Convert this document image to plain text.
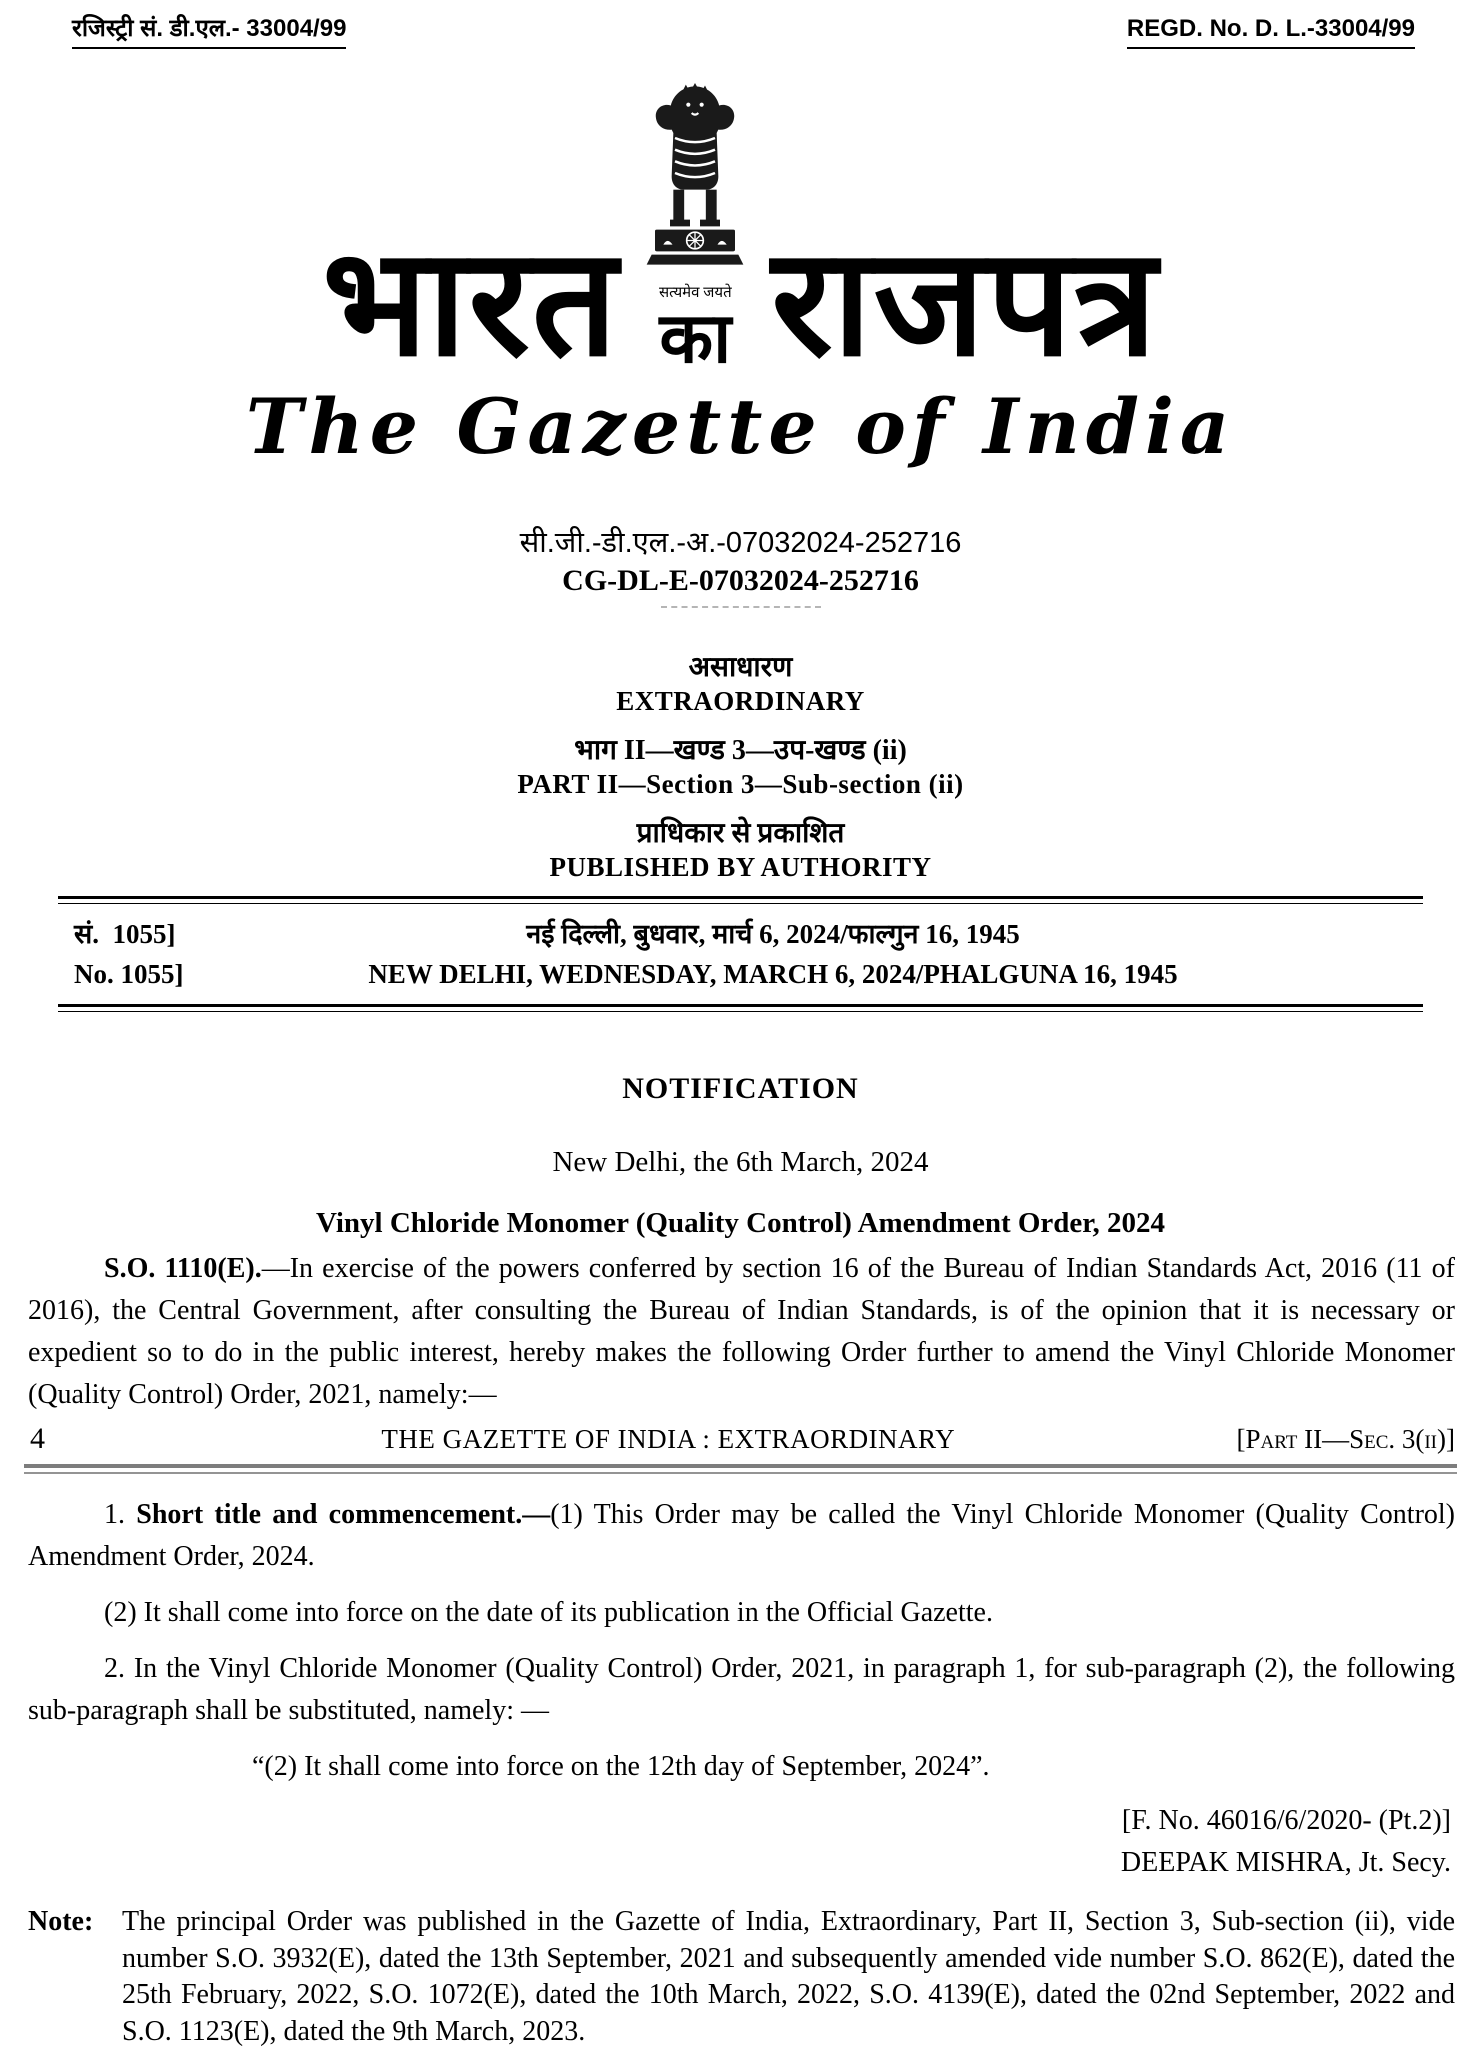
रजिस्ट्री सं. डी.एल.- 33004/99	REGD. No. D. L.-33004/99
भारत	सत्यमेव जयते
का राजपत्र
The Gazette of India
सी.जी.-डी.एल.-अ.-07032024-252716
CG-DL-E-07032024-252716
असाधारण
EXTRAORDINARY
भाग II—खण्ड 3—उप-खण्ड (ii)
PART II—Section 3—Sub-section (ii)
प्राधिकार से प्रकाशित
PUBLISHED BY AUTHORITY
सं.  1055]	नई दिल्ली, बुधवार, मार्च 6, 2024/फाल्गुन 16, 1945
No. 1055]	NEW DELHI, WEDNESDAY, MARCH 6, 2024/PHALGUNA 16, 1945
NOTIFICATION
New Delhi, the 6th March, 2024
Vinyl Chloride Monomer (Quality Control) Amendment Order, 2024

S.O. 1110(E).—In exercise of the powers conferred by section 16 of the Bureau of Indian Standards Act, 2016 (11 of 2016), the Central Government, after consulting the Bureau of Indian Standards, is of the opinion that it is necessary or expedient so to do in the public interest, hereby makes the following Order further to amend the Vinyl Chloride Monomer (Quality Control) Order, 2021, namely:—

4	THE GAZETTE OF INDIA : EXTRAORDINARY	[Part II—Sec. 3(ii)]

1. Short title and commencement.—(1) This Order may be called the Vinyl Chloride Monomer (Quality Control) Amendment Order, 2024.

(2) It shall come into force on the date of its publication in the Official Gazette.

2. In the Vinyl Chloride Monomer (Quality Control) Order, 2021, in paragraph 1, for sub-paragraph (2), the following sub-paragraph shall be substituted, namely: —

“(2) It shall come into force on the 12th day of September, 2024”.

[F. No. 46016/6/2020- (Pt.2)]

DEEPAK MISHRA, Jt. Secy.

Note:	The principal Order was published in the Gazette of India, Extraordinary, Part II, Section 3, Sub-section (ii), vide number S.O. 3932(E), dated the 13th September, 2021 and subsequently amended vide number S.O. 862(E), dated the 25th February, 2022, S.O. 1072(E), dated the 10th March, 2022, S.O. 4139(E), dated the 02nd September, 2022 and S.O. 1123(E), dated the 9th March, 2023.
